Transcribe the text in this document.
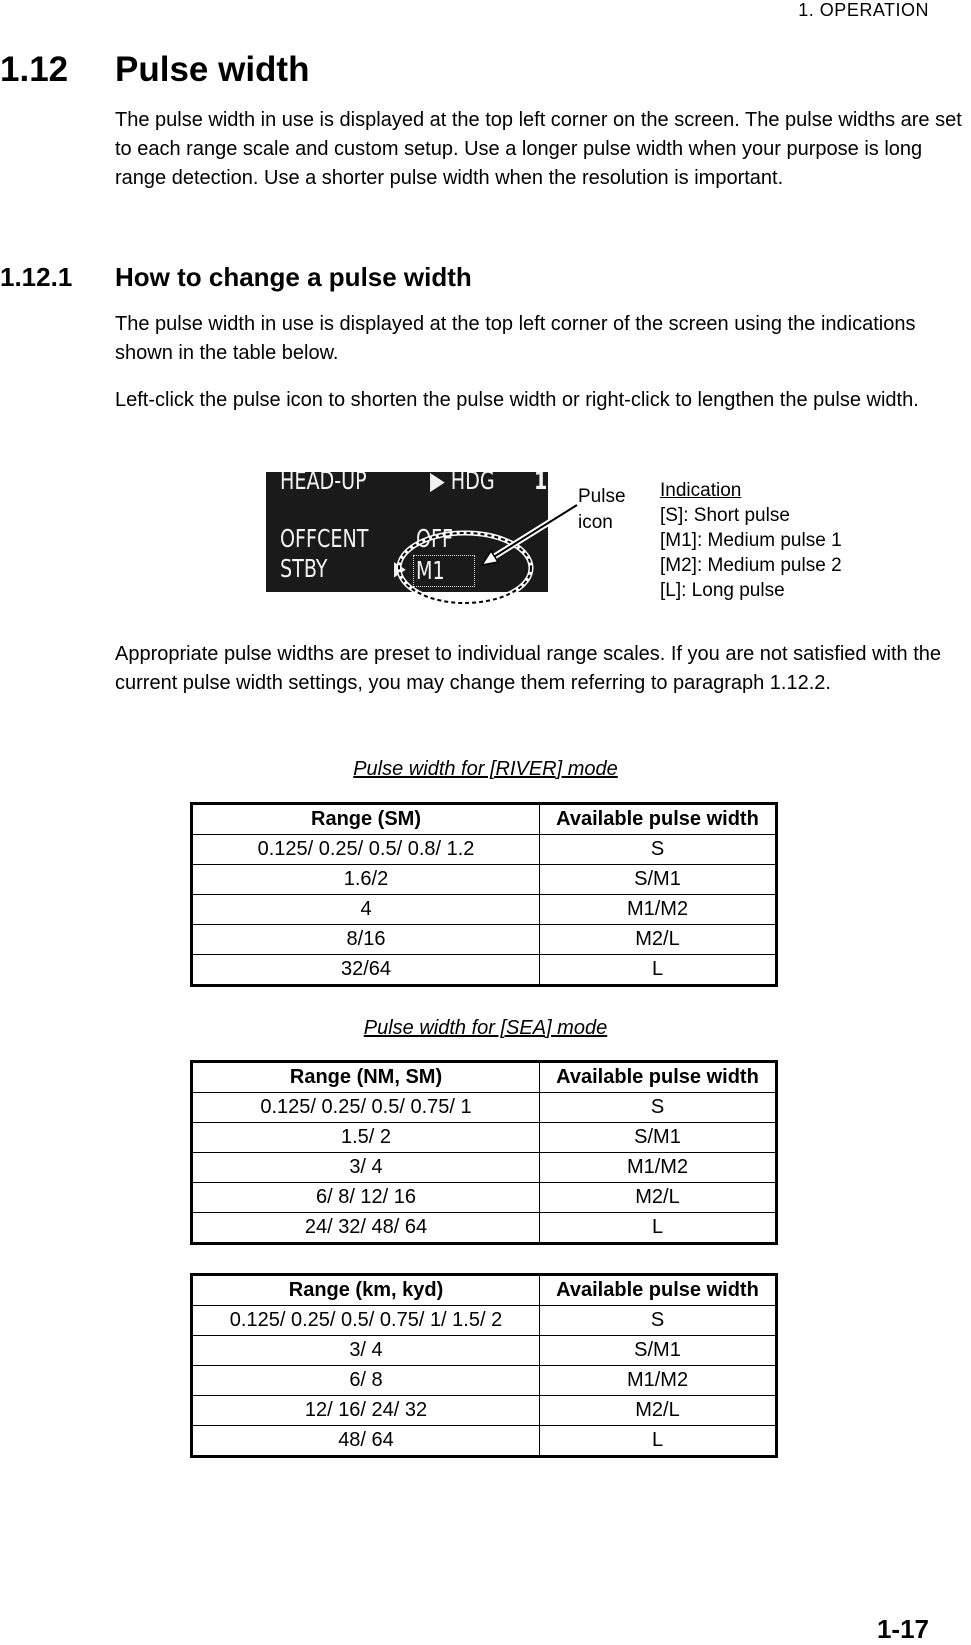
1. OPERATION
1.12 Pulse width
The pulse width in use is displayed at the top left corner on the screen. The pulse widths are set to each range scale and custom setup. Use a longer pulse width when your purpose is long range detection. Use a shorter pulse width when the resolution is important.
1.12.1 How to change a pulse width
The pulse width in use is displayed at the top left corner of the screen using the indications shown in the table below.
Left-click the pulse icon to shorten the pulse width or right-click to lengthen the pulse width.
HEAD-UP	▶ HDG 1
OFFCENT OFF
STBY	▶ M1
Pulse
icon
Indication
[S]: Short pulse
[M1]: Medium pulse 1
[M2]: Medium pulse 2
[L]: Long pulse
Appropriate pulse widths are preset to individual range scales. If you are not satisfied with the current pulse width settings, you may change them referring to paragraph 1.12.2.
Pulse width for [RIVER] mode
Range (SM)	Available pulse width
0.125/ 0.25/ 0.5/ 0.8/ 1.2	S
1.6/2	S/M1
4	M1/M2
8/16	M2/L
32/64	L
Pulse width for [SEA] mode
Range (NM, SM)	Available pulse width
0.125/ 0.25/ 0.5/ 0.75/ 1	S
1.5/ 2	S/M1
3/ 4	M1/M2
6/ 8/ 12/ 16	M2/L
24/ 32/ 48/ 64	L
Range (km, kyd)	Available pulse width
0.125/ 0.25/ 0.5/ 0.75/ 1/ 1.5/ 2	S
3/ 4	S/M1
6/ 8	M1/M2
12/ 16/ 24/ 32	M2/L
48/ 64	L
1-17
